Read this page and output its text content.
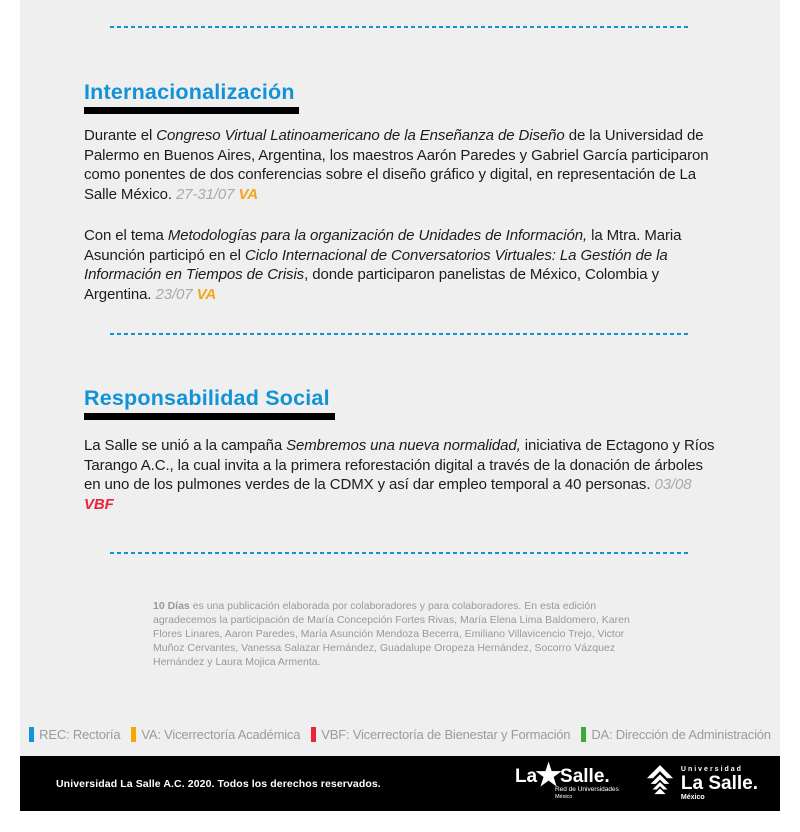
Internacionalización
Durante el Congreso Virtual Latinoamericano de la Enseñanza de Diseño de la Universidad de Palermo en Buenos Aires, Argentina, los maestros Aarón Paredes y Gabriel García participaron como ponentes de dos conferencias sobre el diseño gráfico y digital, en representación de La Salle México. 27-31/07 VA
Con el tema Metodologías para la organización de Unidades de Información, la Mtra. Maria Asunción participó en el Ciclo Internacional de Conversatorios Virtuales: La Gestión de la Información en Tiempos de Crisis, donde participaron panelistas de México, Colombia y Argentina. 23/07 VA
Responsabilidad Social
La Salle se unió a la campaña Sembremos una nueva normalidad, iniciativa de Ectagono y Ríos Tarango A.C., la cual invita a la primera reforestación digital a través de la donación de árboles en uno de los pulmones verdes de la CDMX y así dar empleo temporal a 40 personas. 03/08 VBF
10 Días es una publicación elaborada por colaboradores y para colaboradores. En esta edición agradecemos la participación de María Concepción Fortes Rivas, María Elena Lima Baldomero, Karen Flores Linares, Aaron Paredes, María Asunción Mendoza Becerra, Emiliano Villavicencio Trejo, Victor Muñoz Cervantes, Vanessa Salazar Hernández, Guadalupe Oropeza Hernández, Socorro Vázquez Hernández y Laura Mojica Armenta.
REC: Rectoría VA: Vicerrectoría Académica VBF: Vicerrectoría de Bienestar y Formación DA: Dirección de Administración
Universidad La Salle A.C. 2020. Todos los derechos reservados.	La
★
Salle.
Red de Universidades
México
Universidad
La Salle.
México
